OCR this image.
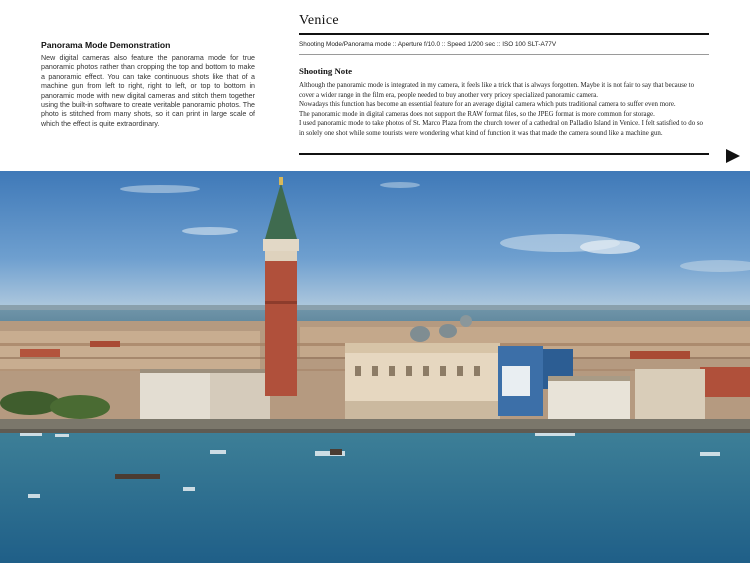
Panorama Mode Demonstration
New digital cameras also feature the panorama mode for true panoramic photos rather than cropping the top and bottom to make a panoramic effect. You can take continuous shots like that of a machine gun from left to right, right to left, or top to bottom in panoramic mode with new digital cameras and stitch them together using the built-in software to create veritable panoramic photos. The photo is stitched from many shots, so it can print in large scale of which the effect is quite extraordinary.
Venice
Shooting Mode/Panorama mode :: Aperture f/10.0 :: Speed 1/200 sec :: ISO 100 SLT-A77V
Shooting Note
Although the panoramic mode is integrated in my camera, it feels like a trick that is always forgotten. Maybe it is not fair to say that because to cover a wider range in the film era, people needed to buy another very pricey specialized panoramic camera.
Nowadays this function has become an essential feature for an average digital camera which puts traditional camera to suffer even more.
The panoramic mode in digital cameras does not support the RAW format files, so the JPEG format is more common for storage.
I used panoramic mode to take photos of St. Marco Plaza from the church tower of a cathedral on Palladio Island in Venice. I felt satisfied to do so in solely one shot while some tourists were wondering what kind of function it was that made the camera sound like a machine gun.
